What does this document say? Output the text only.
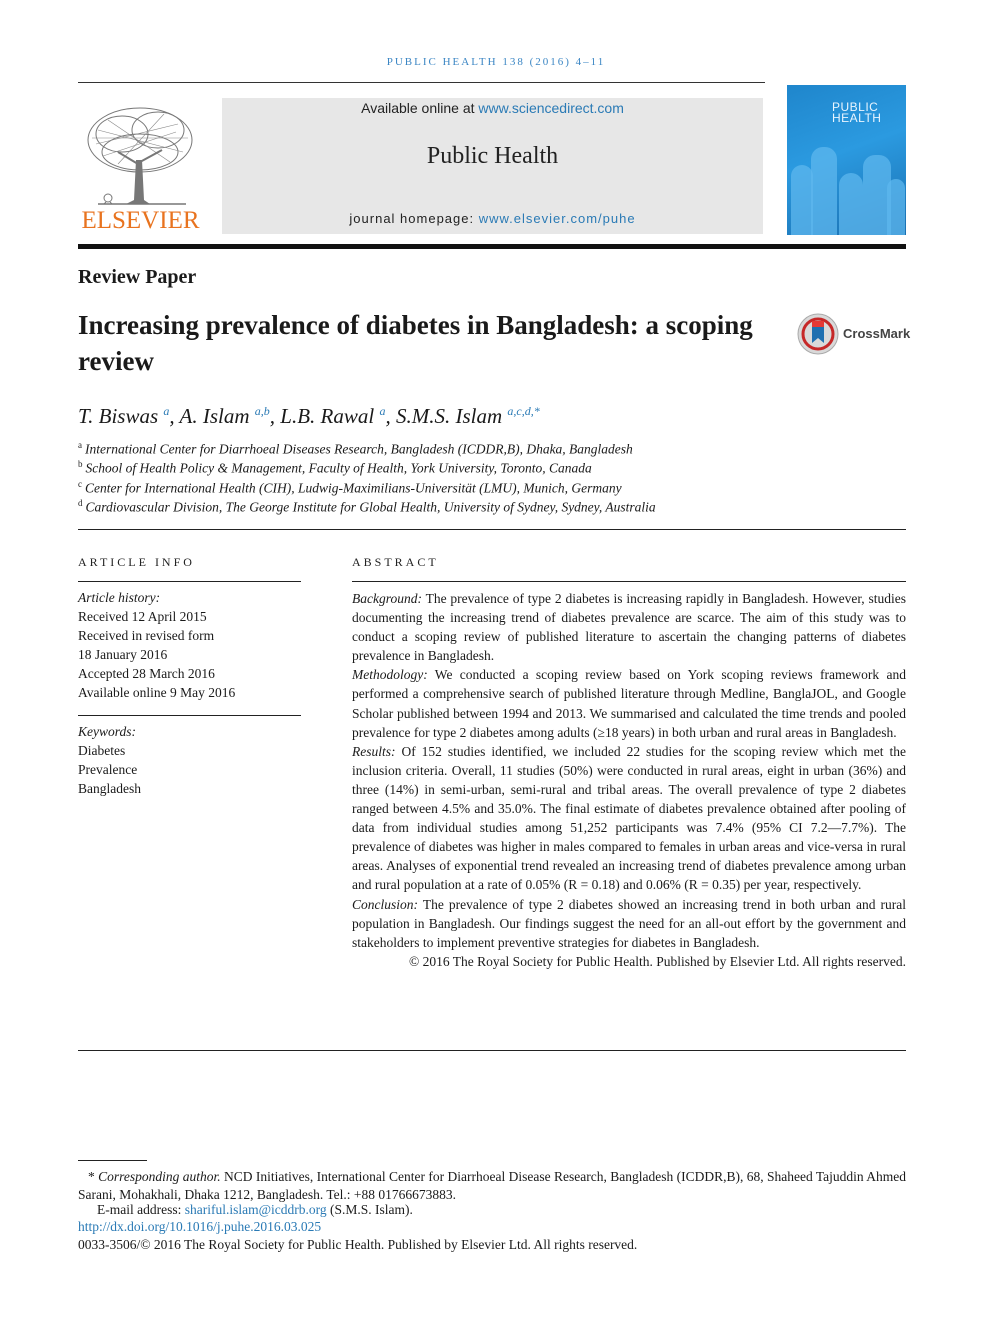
PUBLIC HEALTH 138 (2016) 4–11
ELSEVIER
Available online at www.sciencedirect.com
Public Health
journal homepage: www.elsevier.com/puhe
PUBLIC HEALTH
Review Paper
Increasing prevalence of diabetes in Bangladesh: a scoping review
CrossMark
T. Biswas $^a$, A. Islam $^{a,b}$, L.B. Rawal $^a$, S.M.S. Islam $^{a,c,d,*}$
$^a$ International Center for Diarrhoeal Diseases Research, Bangladesh (ICDDR,B), Dhaka, Bangladesh
$^b$ School of Health Policy & Management, Faculty of Health, York University, Toronto, Canada
$^c$ Center for International Health (CIH), Ludwig-Maximilians-Universität (LMU), Munich, Germany
$^d$ Cardiovascular Division, The George Institute for Global Health, University of Sydney, Sydney, Australia
ARTICLE INFO
Article history:
Received 12 April 2015
Received in revised form
18 January 2016
Accepted 28 March 2016
Available online 9 May 2016
Keywords:
Diabetes
Prevalence
Bangladesh
ABSTRACT

Background: The prevalence of type 2 diabetes is increasing rapidly in Bangladesh. However, studies documenting the increasing trend of diabetes prevalence are scarce. The aim of this study was to conduct a scoping review of published literature to ascertain the changing patterns of diabetes prevalence in Bangladesh.

Methodology: We conducted a scoping review based on York scoping reviews framework and performed a comprehensive search of published literature through Medline, BanglaJOL, and Google Scholar published between 1994 and 2013. We summarised and calculated the time trends and pooled prevalence for type 2 diabetes among adults (≥18 years) in both urban and rural areas in Bangladesh.

Results: Of 152 studies identified, we included 22 studies for the scoping review which met the inclusion criteria. Overall, 11 studies (50%) were conducted in rural areas, eight in urban (36%) and three (14%) in semi-urban, semi-rural and tribal areas. The overall prevalence of type 2 diabetes ranged between 4.5% and 35.0%. The final estimate of diabetes prevalence obtained after pooling of data from individual studies among 51,252 participants was 7.4% (95% CI 7.2—7.7%). The prevalence of diabetes was higher in males compared to females in urban areas and vice-versa in rural areas. Analyses of exponential trend revealed an increasing trend of diabetes prevalence among urban and rural population at a rate of 0.05% (R = 0.18) and 0.06% (R = 0.35) per year, respectively.

Conclusion: The prevalence of type 2 diabetes showed an increasing trend in both urban and rural population in Bangladesh. Our findings suggest the need for an all-out effort by the government and stakeholders to implement preventive strategies for diabetes in Bangladesh.

© 2016 The Royal Society for Public Health. Published by Elsevier Ltd. All rights reserved.

* Corresponding author. NCD Initiatives, International Center for Diarrhoeal Disease Research, Bangladesh (ICDDR,B), 68, Shaheed Tajuddin Ahmed Sarani, Mohakhali, Dhaka 1212, Bangladesh. Tel.: +88 01766673883.
E-mail address: shariful.islam@icddrb.org (S.M.S. Islam).
http://dx.doi.org/10.1016/j.puhe.2016.03.025
0033-3506/© 2016 The Royal Society for Public Health. Published by Elsevier Ltd. All rights reserved.
